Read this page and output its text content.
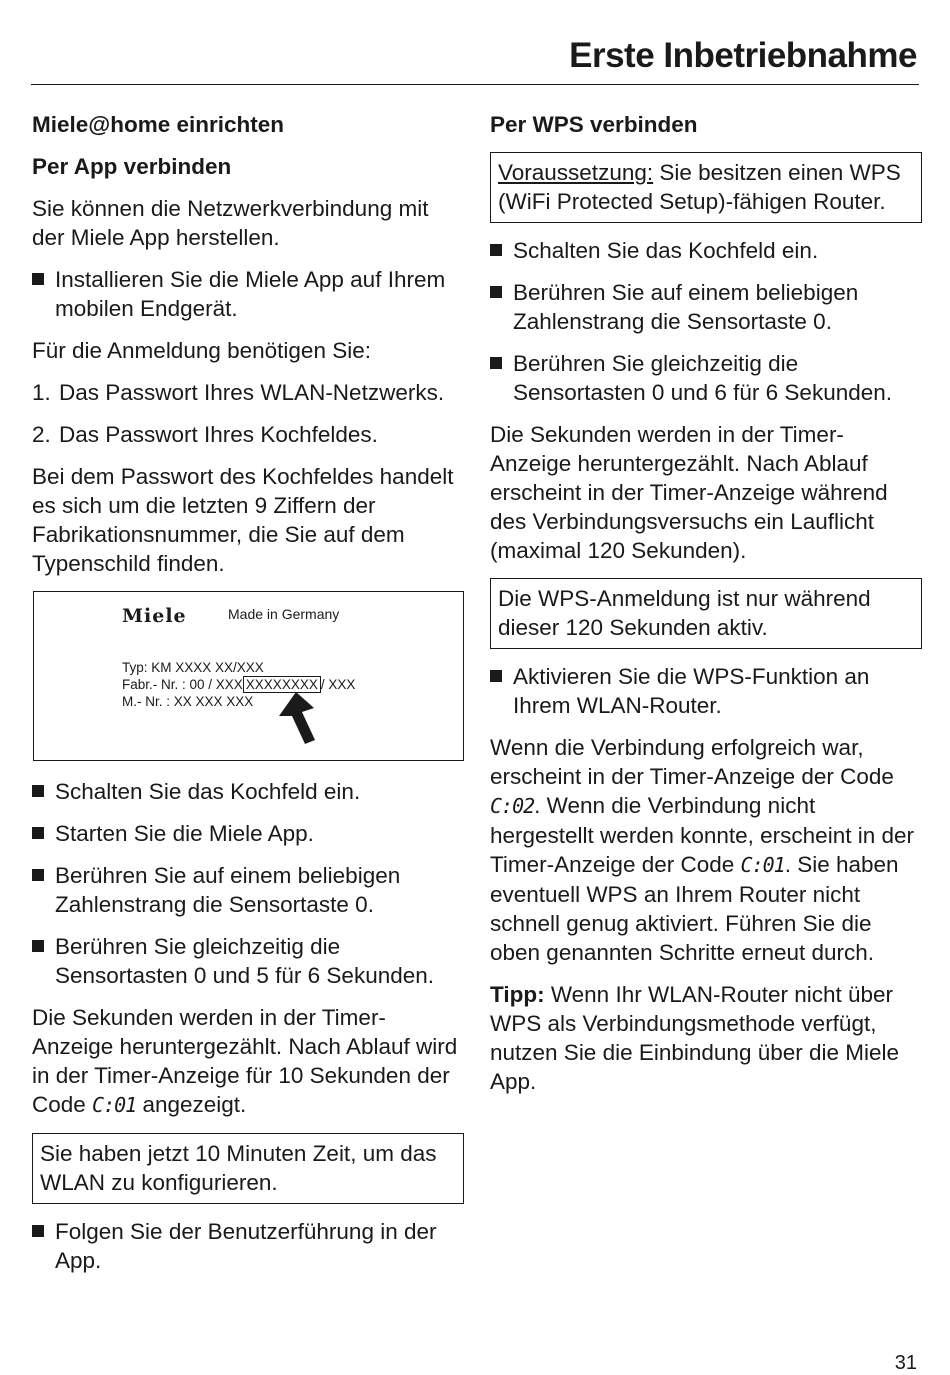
Erste Inbetriebnahme
Miele@home einrichten
Per App verbinden

Sie können die Netzwerkverbindung mit der Miele App herstellen.

Installieren Sie die Miele App auf Ihrem mobilen Endgerät.

Für die Anmeldung benötigen Sie:

1. Das Passwort Ihres WLAN-Netzwerks.
2. Das Passwort Ihres Kochfeldes.

Bei dem Passwort des Kochfeldes handelt es sich um die letzten 9 Ziffern der Fabrikationsnummer, die Sie auf dem Typenschild finden.

Miele	Made in Germany
Typ: KM XXXX XX/XXX
Fabr.- Nr. : 00 / XXX XXXXXXXX / XXX
M.- Nr. : XX XXX XXX
Schalten Sie das Kochfeld ein.
Starten Sie die Miele App.
Berühren Sie auf einem beliebigen Zahlenstrang die Sensortaste 0.
Berühren Sie gleichzeitig die Sensortasten 0 und 5 für 6 Sekunden.

Die Sekunden werden in der Timer-Anzeige heruntergezählt. Nach Ablauf wird in der Timer-Anzeige für 10 Sekunden der Code C:01 angezeigt.

Sie haben jetzt 10 Minuten Zeit, um das WLAN zu konfigurieren.
Folgen Sie der Benutzerführung in der App.
Per WPS verbinden
Voraussetzung: Sie besitzen einen WPS (WiFi Protected Setup)-fähigen Router.
Schalten Sie das Kochfeld ein.
Berühren Sie auf einem beliebigen Zahlenstrang die Sensortaste 0.
Berühren Sie gleichzeitig die Sensortasten 0 und 6 für 6 Sekunden.

Die Sekunden werden in der Timer-Anzeige heruntergezählt. Nach Ablauf erscheint in der Timer-Anzeige während des Verbindungsversuchs ein Lauflicht (maximal 120 Sekunden).

Die WPS-Anmeldung ist nur während dieser 120 Sekunden aktiv.
Aktivieren Sie die WPS-Funktion an Ihrem WLAN-Router.

Wenn die Verbindung erfolgreich war, erscheint in der Timer-Anzeige der Code C:02. Wenn die Verbindung nicht hergestellt werden konnte, erscheint in der Timer-Anzeige der Code C:01. Sie haben eventuell WPS an Ihrem Router nicht schnell genug aktiviert. Führen Sie die oben genannten Schritte erneut durch.

Tipp: Wenn Ihr WLAN-Router nicht über WPS als Verbindungsmethode verfügt, nutzen Sie die Einbindung über die Miele App.

31
